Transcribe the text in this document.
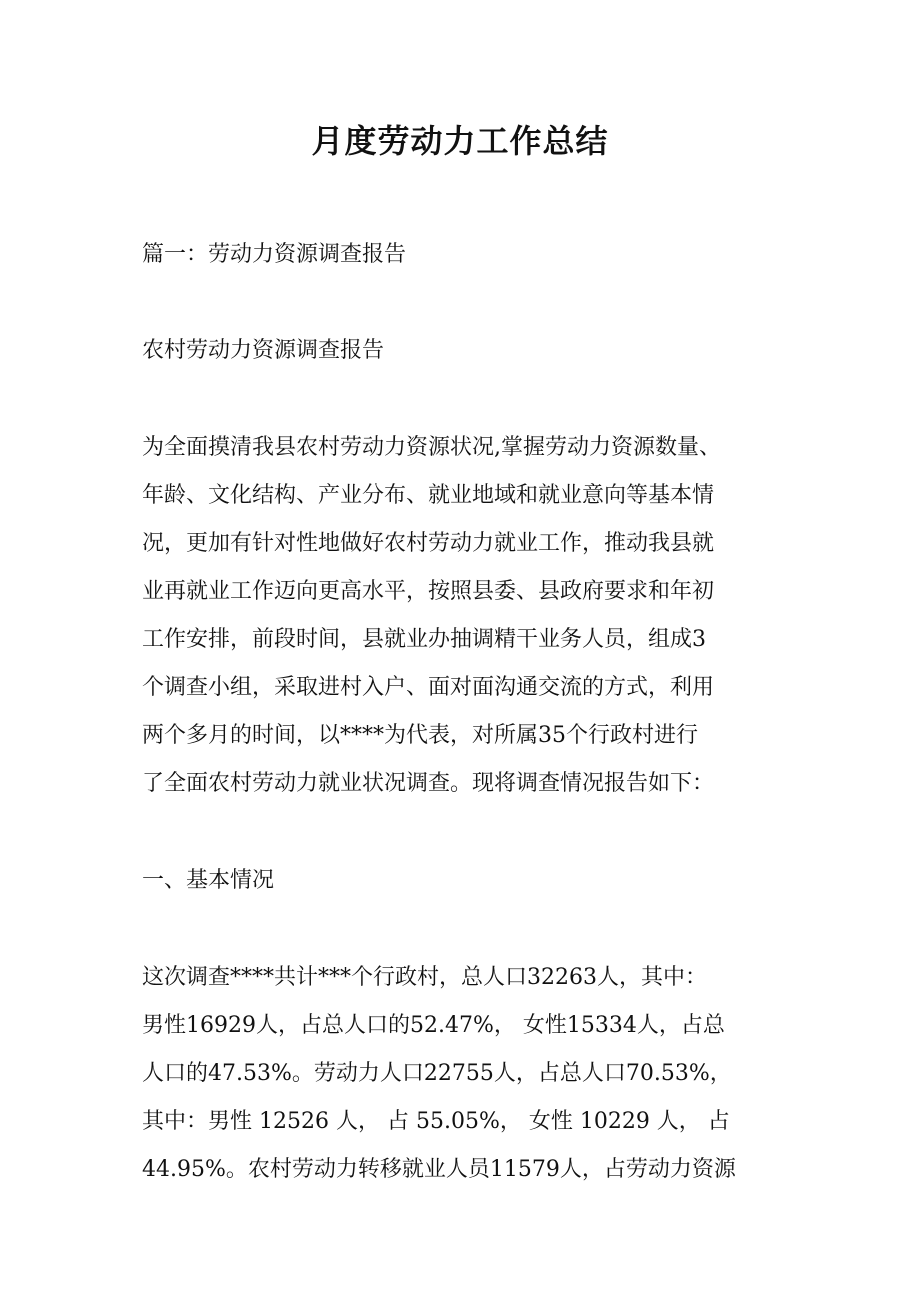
月度劳动力工作总结
篇一：劳动力资源调查报告
农村劳动力资源调查报告
为全面摸清我县农村劳动力资源状况,掌握劳动力资源数量、
年龄、文化结构、产业分布、就业地域和就业意向等基本情
况，更加有针对性地做好农村劳动力就业工作，推动我县就
业再就业工作迈向更高水平，按照县委、县政府要求和年初
工作安排，前段时间，县就业办抽调精干业务人员，组成3
个调查小组，采取进村入户、面对面沟通交流的方式，利用
两个多月的时间，以****为代表，对所属35个行政村进行
了全面农村劳动力就业状况调查。现将调查情况报告如下：
一、基本情况
这次调查****共计***个行政村，总人口32263人，其中：
男性16929人，占总人口的52.47%， 女性15334人，占总
人口的47.53%。劳动力人口22755人，占总人口70.53%，
其中：男性 12526 人， 占 55.05%， 女性 10229 人， 占
44.95%。农村劳动力转移就业人员11579人，占劳动力资源
